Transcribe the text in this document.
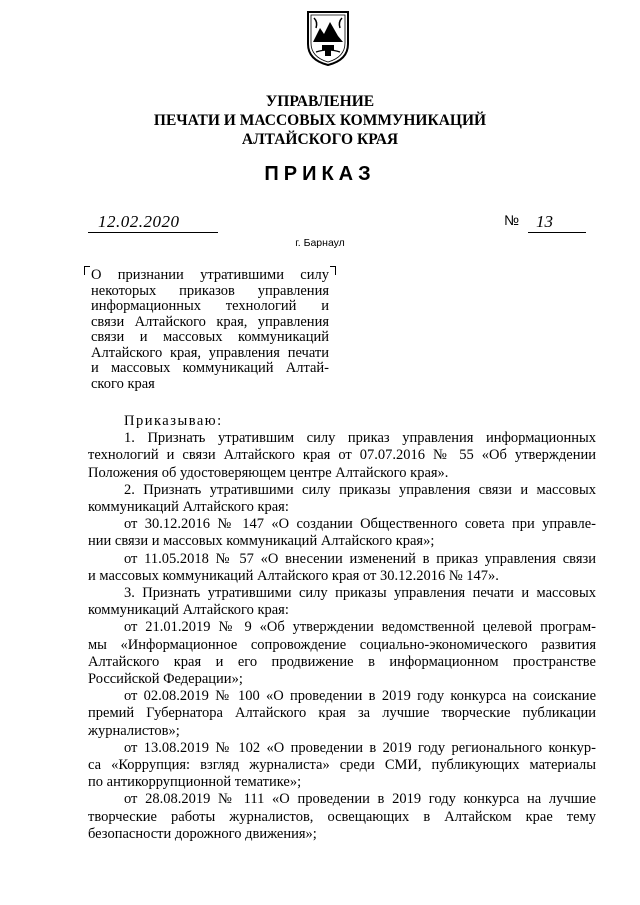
УПРАВЛЕНИЕ
ПЕЧАТИ И МАССОВЫХ КОММУНИКАЦИЙ
АЛТАЙСКОГО КРАЯ
ПРИКАЗ
12.02.2020	№ 13
г. Барнаул
О признании утратившими силу
некоторых приказов управления
информационных технологий и
связи Алтайского края, управления
связи и массовых коммуникаций
Алтайского края, управления печати
и массовых коммуникаций Алтай-
ского края
Приказываю:
1. Признать утратившим силу приказ управления информационных
технологий и связи Алтайского края от 07.07.2016 № 55 «Об утверждении
Положения об удостоверяющем центре Алтайского края».
2. Признать утратившими силу приказы управления связи и массовых
коммуникаций Алтайского края:
от 30.12.2016 № 147 «О создании Общественного совета при управле-
нии связи и массовых коммуникаций Алтайского края»;
от 11.05.2018 № 57 «О внесении изменений в приказ управления связи
и массовых коммуникаций Алтайского края от 30.12.2016 № 147».
3. Признать утратившими силу приказы управления печати и массовых
коммуникаций Алтайского края:
от 21.01.2019 № 9 «Об утверждении ведомственной целевой програм-
мы «Информационное сопровождение социально-экономического развития
Алтайского края и его продвижение в информационном пространстве
Российской Федерации»;
от 02.08.2019 № 100 «О проведении в 2019 году конкурса на соискание
премий Губернатора Алтайского края за лучшие творческие публикации
журналистов»;
от 13.08.2019 № 102 «О проведении в 2019 году регионального конкур-
са «Коррупция: взгляд журналиста» среди СМИ, публикующих материалы
по антикоррупционной тематике»;
от 28.08.2019 № 111 «О проведении в 2019 году конкурса на лучшие
творческие работы журналистов, освещающих в Алтайском крае тему
безопасности дорожного движения»;
